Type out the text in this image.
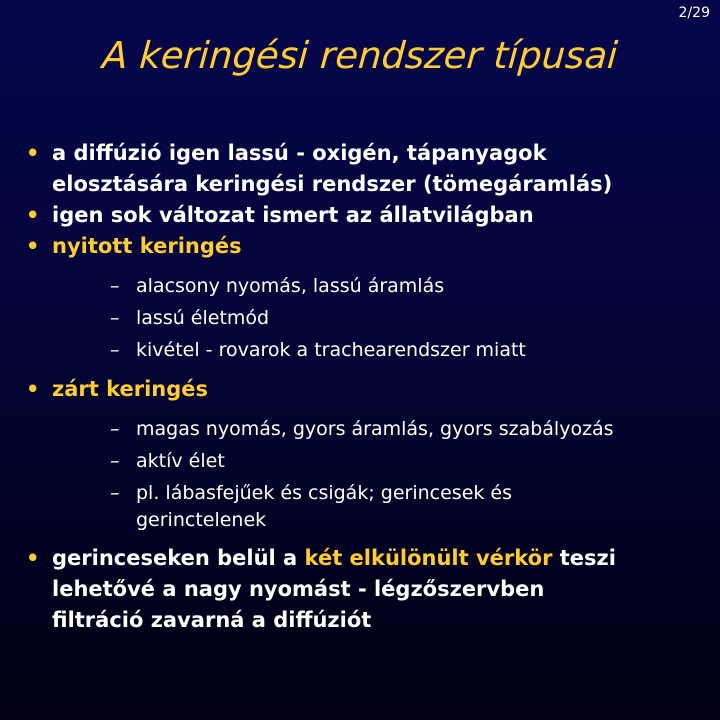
2/29
A keringési rendszer típusai
• a diffúzió igen lassú - oxigén, tápanyagok
elosztására keringési rendszer (tömegáramlás)
• igen sok változat ismert az állatvilágban
• nyitott keringés
– alacsony nyomás, lassú áramlás
– lassú életmód
– kivétel - rovarok a trachearendszer miatt
• zárt keringés
– magas nyomás, gyors áramlás, gyors szabályozás
– aktív élet
– pl. lábasfejűek és csigák; gerincesek és
gerinctelenek
• gerinceseken belül a két elkülönült vérkör teszi
lehetővé a nagy nyomást - légzőszervben
filtráció zavarná a diffúziót
